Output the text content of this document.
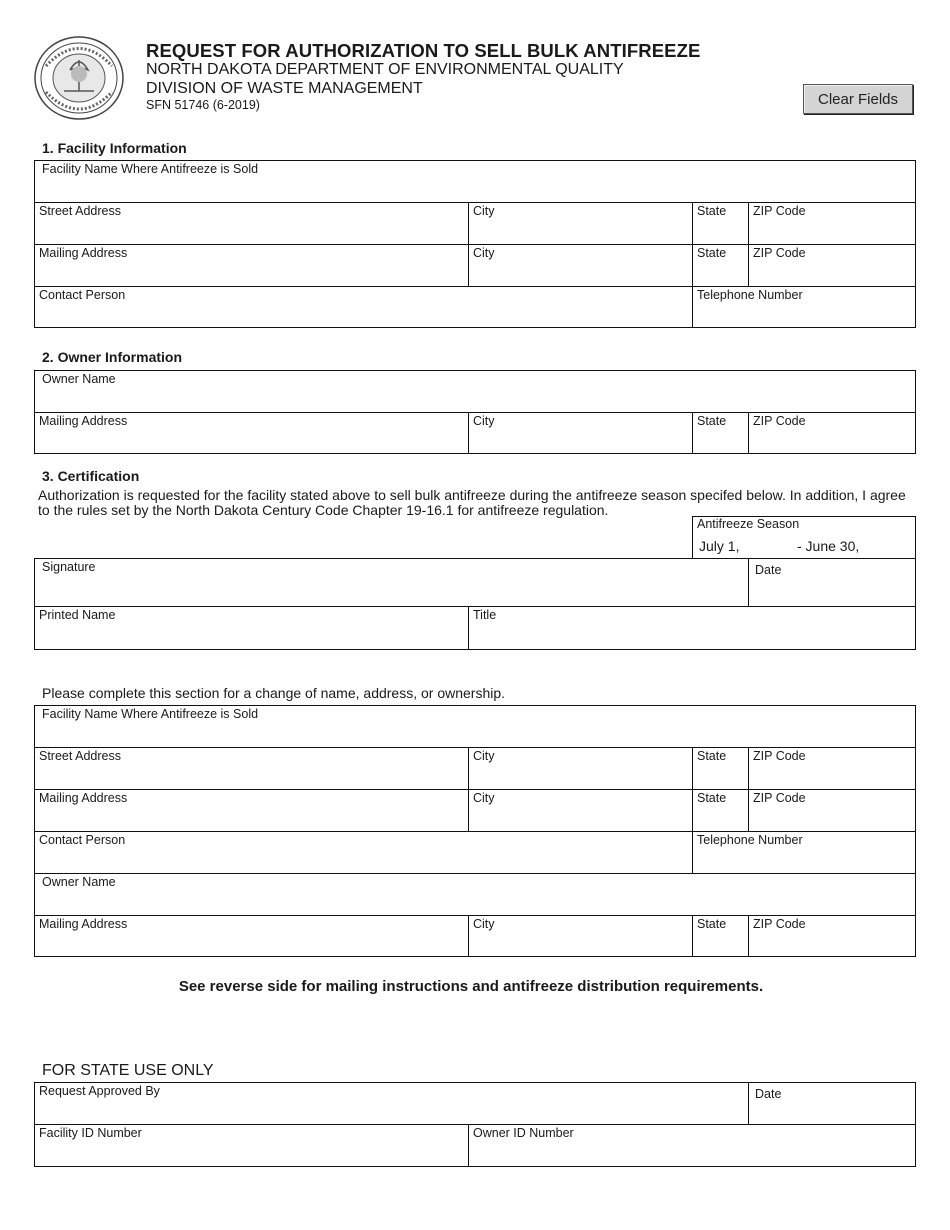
REQUEST FOR AUTHORIZATION TO SELL BULK ANTIFREEZE
NORTH DAKOTA DEPARTMENT OF ENVIRONMENTAL QUALITY
DIVISION OF WASTE MANAGEMENT
SFN 51746 (6-2019)	Clear Fields
1. Facility Information
Facility Name Where Antifreeze is Sold
Street Address	City	State ZIP Code
Mailing Address	City	State ZIP Code
Contact Person	Telephone Number
2. Owner Information
Owner Name
Mailing Address	City	State ZIP Code
3. Certification
Authorization is requested for the facility stated above to sell bulk antifreeze during the antifreeze season specifed below. In addition, I agree to the rules set by the North Dakota Century Code Chapter 19-16.1 for antifreeze regulation.
Antifreeze Season
July 1,	- June 30,
Signature	Date
Printed Name	Title
Please complete this section for a change of name, address, or ownership.
Facility Name Where Antifreeze is Sold
Street Address	City	State ZIP Code
Mailing Address	City	State ZIP Code
Contact Person	Telephone Number
Owner Name
Mailing Address	City	State ZIP Code
See reverse side for mailing instructions and antifreeze distribution requirements.
FOR STATE USE ONLY
Request Approved By	Date
Facility ID Number	Owner ID Number
